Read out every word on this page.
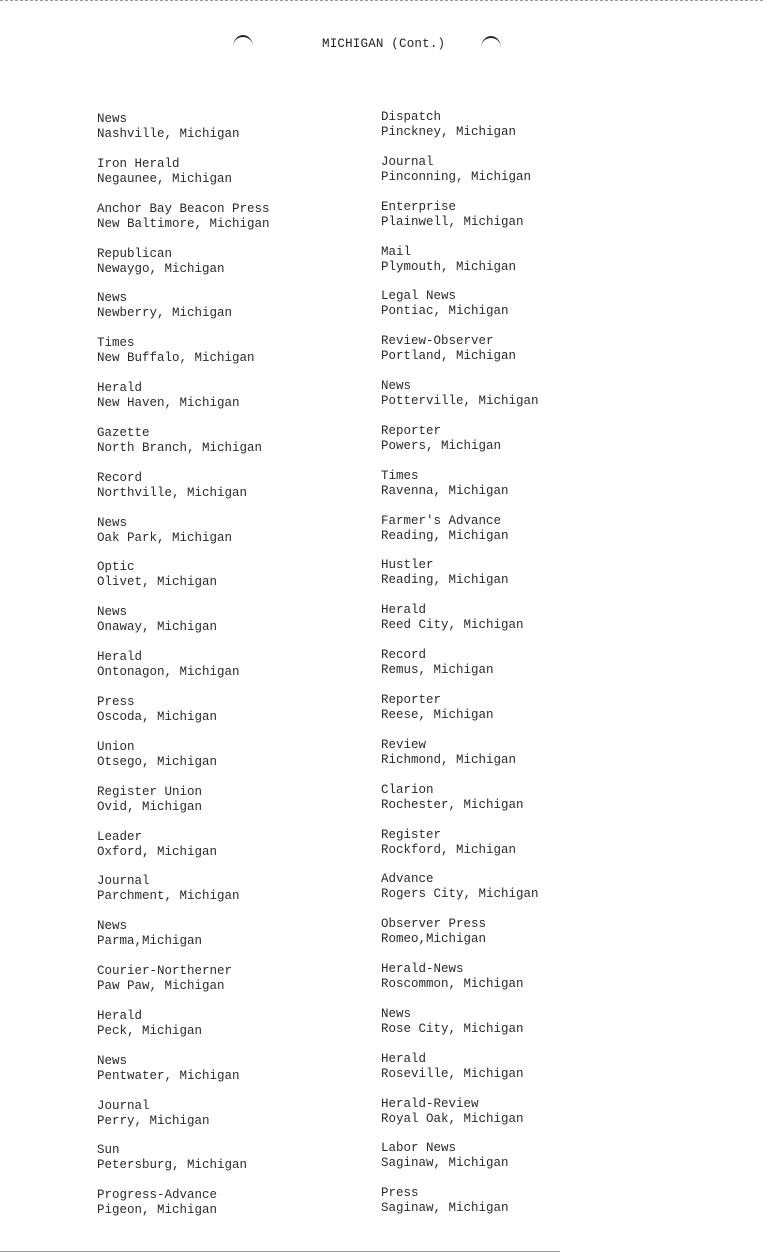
MICHIGAN (Cont.)
News
Nashville, Michigan
Iron Herald
Negaunee, Michigan
Anchor Bay Beacon Press
New Baltimore, Michigan
Republican
Newaygo, Michigan
News
Newberry, Michigan
Times
New Buffalo, Michigan
Herald
New Haven, Michigan
Gazette
North Branch, Michigan
Record
Northville, Michigan
News
Oak Park, Michigan
Optic
Olivet, Michigan
News
Onaway, Michigan
Herald
Ontonagon, Michigan
Press
Oscoda, Michigan
Union
Otsego, Michigan
Register Union
Ovid, Michigan
Leader
Oxford, Michigan
Journal
Parchment, Michigan
News
Parma,Michigan
Courier-Northerner
Paw Paw, Michigan
Herald
Peck, Michigan
News
Pentwater, Michigan
Journal
Perry, Michigan
Sun
Petersburg, Michigan
Progress-Advance
Pigeon, Michigan
Dispatch
Pinckney, Michigan
Journal
Pinconning, Michigan
Enterprise
Plainwell, Michigan
Mail
Plymouth, Michigan
Legal News
Pontiac, Michigan
Review-Observer
Portland, Michigan
News
Potterville, Michigan
Reporter
Powers, Michigan
Times
Ravenna, Michigan
Farmer's Advance
Reading, Michigan
Hustler
Reading, Michigan
Herald
Reed City, Michigan
Record
Remus, Michigan
Reporter
Reese, Michigan
Review
Richmond, Michigan
Clarion
Rochester, Michigan
Register
Rockford, Michigan
Advance
Rogers City, Michigan
Observer Press
Romeo,Michigan
Herald-News
Roscommon, Michigan
News
Rose City, Michigan
Herald
Roseville, Michigan
Herald-Review
Royal Oak, Michigan
Labor News
Saginaw, Michigan
Press
Saginaw, Michigan
